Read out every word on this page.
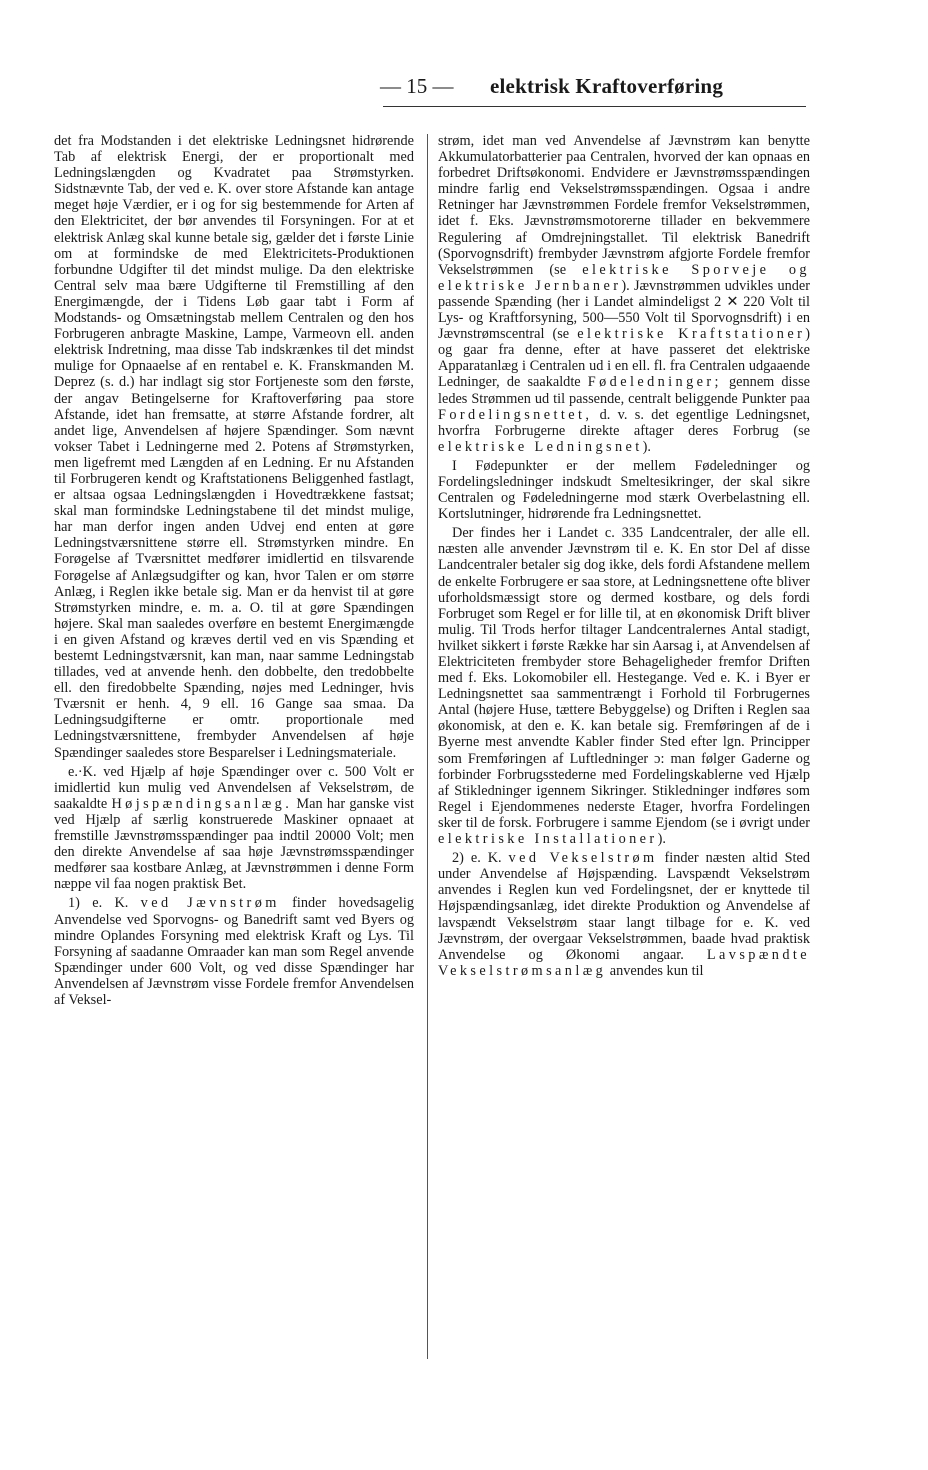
— 15 —	elektrisk Kraftoverføring

det fra Modstanden i det elektriske Ledningsnet hidrørende Tab af elektrisk Energi, der er proportionalt med Ledningslængden og Kvadratet paa Strømstyrken. Sidstnævnte Tab, der ved e. K. over store Afstande kan antage meget høje Værdier, er i og for sig bestemmende for Arten af den Elektricitet, der bør anvendes til Forsyningen. For at et elektrisk Anlæg skal kunne betale sig, gælder det i første Linie om at formindske de med Elektricitets-Produktionen forbundne Udgifter til det mindst mulige. Da den elektriske Central selv maa bære Udgifterne til Fremstilling af den Energimængde, der i Tidens Løb gaar tabt i Form af Modstands- og Omsætningstab mellem Centralen og den hos Forbrugeren anbragte Maskine, Lampe, Varmeovn ell. anden elektrisk Indretning, maa disse Tab indskrænkes til det mindst mulige for Opnaaelse af en rentabel e. K. Franskmanden M. Deprez (s. d.) har indlagt sig stor Fortjeneste som den første, der angav Betingelserne for Kraftoverføring paa store Afstande, idet han fremsatte, at større Afstande fordrer, alt andet lige, Anvendelsen af højere Spændinger. Som nævnt vokser Tabet i Ledningerne med 2. Potens af Strømstyrken, men ligefremt med Længden af en Ledning. Er nu Afstanden til Forbrugeren kendt og Kraftstationens Beliggenhed fastlagt, er altsaa ogsaa Ledningslængden i Hovedtrækkene fastsat; skal man formindske Ledningstabene til det mindst mulige, har man derfor ingen anden Udvej end enten at gøre Ledningstværsnittene større ell. Strømstyrken mindre. En Forøgelse af Tværsnittet medfører imidlertid en tilsvarende Forøgelse af Anlægsudgifter og kan, hvor Talen er om større Anlæg, i Reglen ikke betale sig. Man er da henvist til at gøre Strømstyrken mindre, e. m. a. O. til at gøre Spændingen højere. Skal man saaledes overføre en bestemt Energimængde i en given Afstand og kræves dertil ved en vis Spænding et bestemt Ledningstværsnit, kan man, naar samme Ledningstab tillades, ved at anvende henh. den dobbelte, den tredobbelte ell. den firedobbelte Spænding, nøjes med Ledninger, hvis Tværsnit er henh. 4, 9 ell. 16 Gange saa smaa. Da Ledningsudgifterne er omtr. proportionale med Ledningstværsnittene, frembyder Anvendelsen af høje Spændinger saaledes store Besparelser i Ledningsmateriale.

e.·K. ved Hjælp af høje Spændinger over c. 500 Volt er imidlertid kun mulig ved Anvendelsen af Vekselstrøm, de saakaldte Højspændingsanlæg. Man har ganske vist ved Hjælp af særlig konstruerede Maskiner opnaaet at fremstille Jævnstrømsspændinger paa indtil 20000 Volt; men den direkte Anvendelse af saa høje Jævnstrømsspændinger medfører saa kostbare Anlæg, at Jævnstrømmen i denne Form næppe vil faa nogen praktisk Bet.

1) e. K. ved Jævnstrøm finder hovedsagelig Anvendelse ved Sporvogns- og Banedrift samt ved Byers og mindre Oplandes Forsyning med elektrisk Kraft og Lys. Til Forsyning af saadanne Omraader kan man som Regel anvende Spændinger under 600 Volt, og ved disse Spændinger har Anvendelsen af Jævnstrøm visse Fordele fremfor Anvendelsen af Veksel-

strøm, idet man ved Anvendelse af Jævnstrøm kan benytte Akkumulatorbatterier paa Centralen, hvorved der kan opnaas en forbedret Driftsøkonomi. Endvidere er Jævnstrømsspændingen mindre farlig end Vekselstrømsspændingen. Ogsaa i andre Retninger har Jævnstrømmen Fordele fremfor Vekselstrømmen, idet f. Eks. Jævnstrømsmotorerne tillader en bekvemmere Regulering af Omdrejningstallet. Til elektrisk Banedrift (Sporvognsdrift) frembyder Jævnstrøm afgjorte Fordele fremfor Vekselstrømmen (se elektriske Sporveje og elektriske Jernbaner). Jævnstrømmen udvikles under passende Spænding (her i Landet almindeligst 2 ✕ 220 Volt til Lys- og Kraftforsyning, 500—550 Volt til Sporvognsdrift) i en Jævnstrømscentral (se elektriske Kraftstationer) og gaar fra denne, efter at have passeret det elektriske Apparatanlæg i Centralen ud i en ell. fl. fra Centralen udgaaende Ledninger, de saakaldte Fødeledninger; gennem disse ledes Strømmen ud til passende, centralt beliggende Punkter paa Fordelingsnettet, d. v. s. det egentlige Ledningsnet, hvorfra Forbrugerne direkte aftager deres Forbrug (se elektriske Ledningsnet).

I Fødepunkter er der mellem Fødeledninger og Fordelingsledninger indskudt Smeltesikringer, der skal sikre Centralen og Fødeledningerne mod stærk Overbelastning ell. Kortslutninger, hidrørende fra Ledningsnettet.

Der findes her i Landet c. 335 Landcentraler, der alle ell. næsten alle anvender Jævnstrøm til e. K. En stor Del af disse Landcentraler betaler sig dog ikke, dels fordi Afstandene mellem de enkelte Forbrugere er saa store, at Ledningsnettene ofte bliver uforholdsmæssigt store og dermed kostbare, og dels fordi Forbruget som Regel er for lille til, at en økonomisk Drift bliver mulig. Til Trods herfor tiltager Landcentralernes Antal stadigt, hvilket sikkert i første Række har sin Aarsag i, at Anvendelsen af Elektriciteten frembyder store Behageligheder fremfor Driften med f. Eks. Lokomobiler ell. Hestegange. Ved e. K. i Byer er Ledningsnettet saa sammentrængt i Forhold til Forbrugernes Antal (højere Huse, tættere Bebyggelse) og Driften i Reglen saa økonomisk, at den e. K. kan betale sig. Fremføringen af de i Byerne mest anvendte Kabler finder Sted efter lgn. Principper som Fremføringen af Luftledninger ɔ: man følger Gaderne og forbinder Forbrugsstederne med Fordelingskablerne ved Hjælp af Stikledninger igennem Sikringer. Stikledninger indføres som Regel i Ejendommenes nederste Etager, hvorfra Fordelingen sker til de forsk. Forbrugere i samme Ejendom (se i øvrigt under elektriske Installationer).

2) e. K. ved Vekselstrøm finder næsten altid Sted under Anvendelse af Højspænding. Lavspændt Vekselstrøm anvendes i Reglen kun ved Fordelingsnet, der er knyttede til Højspændingsanlæg, idet direkte Produktion og Anvendelse af lavspændt Vekselstrøm staar langt tilbage for e. K. ved Jævnstrøm, der overgaar Vekselstrømmen, baade hvad praktisk Anvendelse og Økonomi angaar. Lavspændte Vekselstrømsanlæg anvendes kun til
